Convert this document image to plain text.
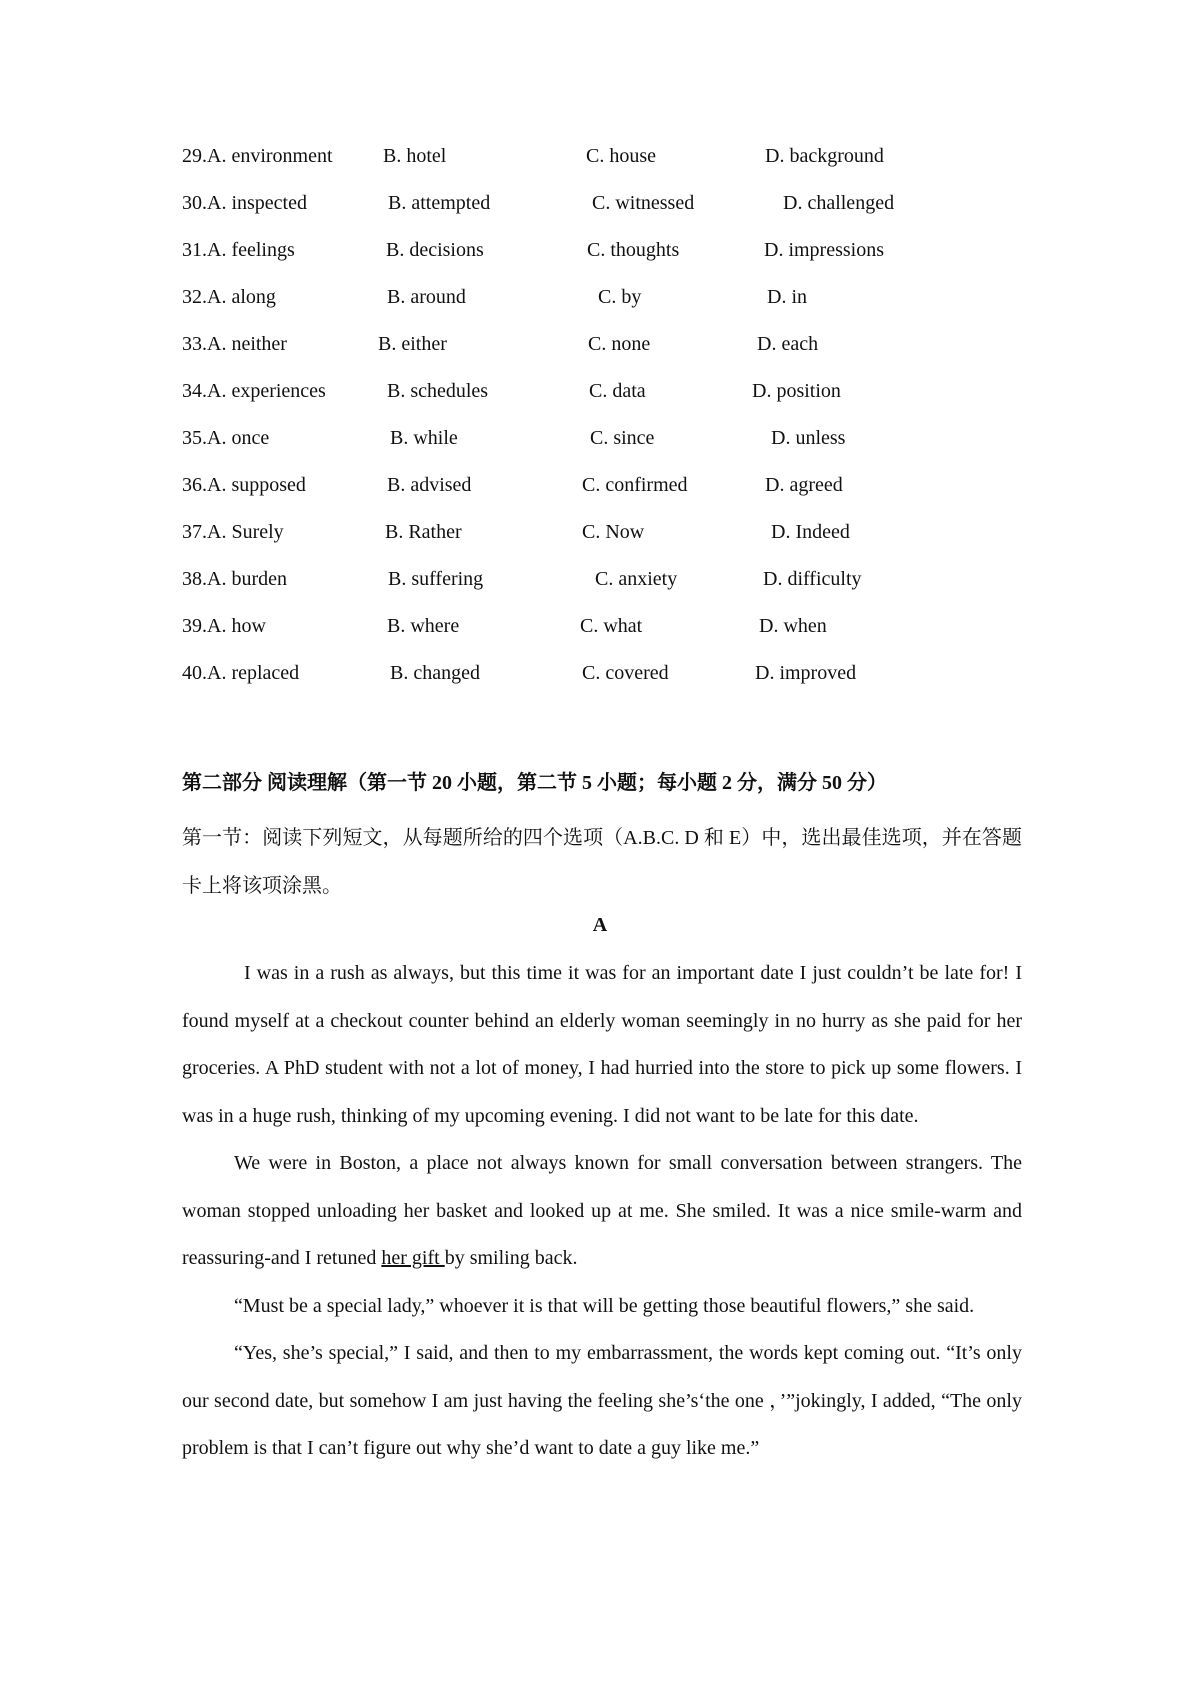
29.A. environment	B. hotel	C. house	D. background
30.A. inspected	B. attempted	C. witnessed	D. challenged
31.A. feelings	B. decisions	C. thoughts	D. impressions
32.A. along	B. around	C. by	D. in
33.A. neither	B. either	C. none	D. each
34.A. experiences	B. schedules	C. data	D. position
35.A. once	B. while	C. since	D. unless
36.A. supposed	B. advised	C. confirmed	D. agreed
37.A. Surely	B. Rather	C. Now	D. Indeed
38.A. burden	B. suffering	C. anxiety	D. difficulty
39.A. how	B. where	C. what	D. when
40.A. replaced	B. changed	C. covered	D. improved
第二部分 阅读理解（第一节 20 小题，第二节 5 小题；每小题 2 分，满分 50 分）
第一节：阅读下列短文，从每题所给的四个选项（A.B.C. D 和 E）中，选出最佳选项，并在答题卡上将该项涂黑。
A

I was in a rush as always, but this time it was for an important date I just couldn’t be late for! I found myself at a checkout counter behind an elderly woman seemingly in no hurry as she paid for her groceries. A PhD student with not a lot of money, I had hurried into the store to pick up some flowers. I was in a huge rush, thinking of my upcoming evening. I did not want to be late for this date.

We were in Boston, a place not always known for small conversation between strangers. The woman stopped unloading her basket and looked up at me. She smiled. It was a nice smile-warm and reassuring-and I retuned her gift by smiling back.

“Must be a special lady,” whoever it is that will be getting those beautiful flowers,” she said.

“Yes, she’s special,” I said, and then to my embarrassment, the words kept coming out. “It’s only our second date, but somehow I am just having the feeling she’s‘the one ，’”jokingly, I added, “The only problem is that I can’t figure out why she’d want to date a guy like me.”
